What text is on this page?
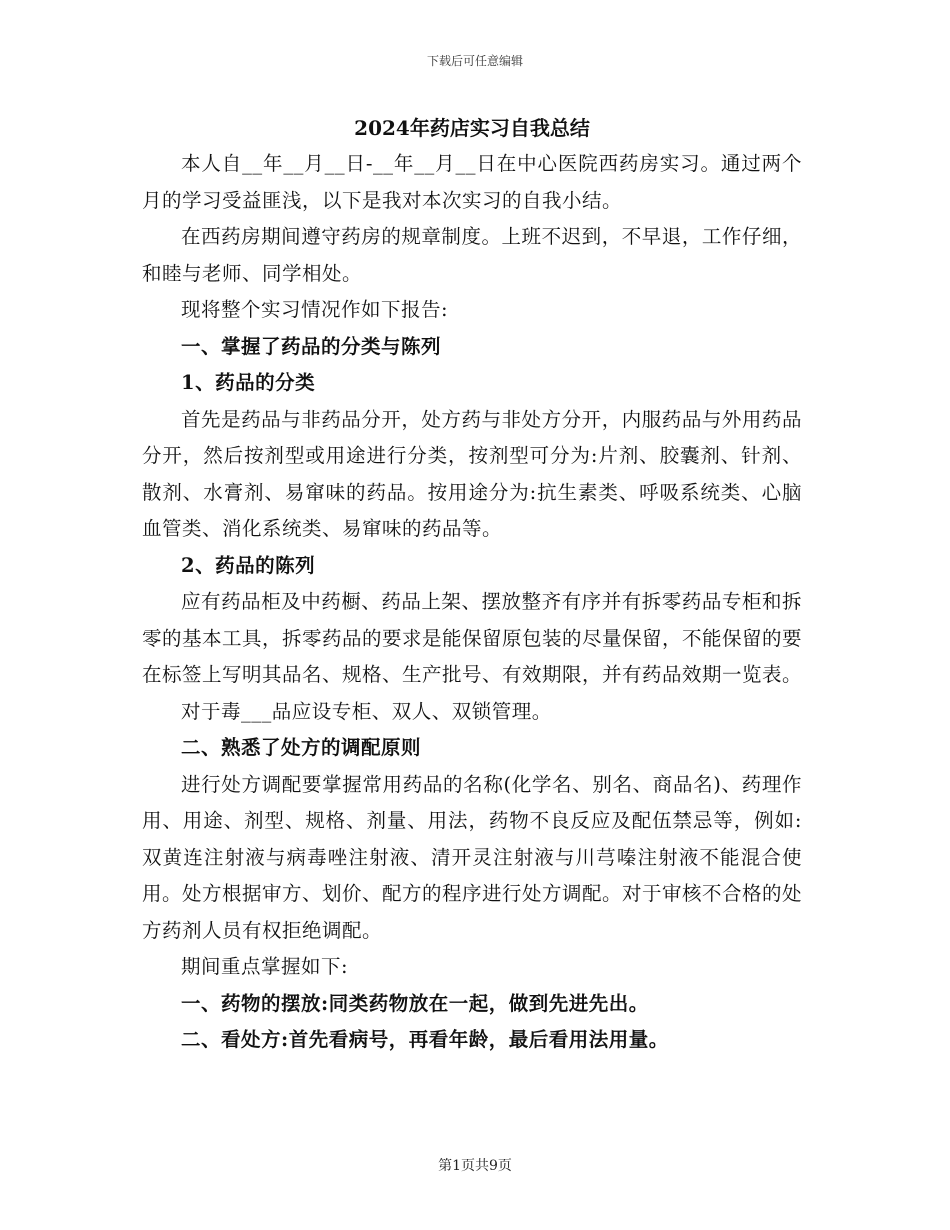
下载后可任意编辑
2024年药店实习自我总结
本人自__年__月__日-__年__月__日在中心医院西药房实习。通过两个月的学习受益匪浅，以下是我对本次实习的自我小结。
在西药房期间遵守药房的规章制度。上班不迟到，不早退，工作仔细，和睦与老师、同学相处。
现将整个实习情况作如下报告:
一、掌握了药品的分类与陈列
1、药品的分类
首先是药品与非药品分开，处方药与非处方分开，内服药品与外用药品分开，然后按剂型或用途进行分类，按剂型可分为:片剂、胶囊剂、针剂、散剂、水膏剂、易窜味的药品。按用途分为:抗生素类、呼吸系统类、心脑血管类、消化系统类、易窜味的药品等。
2、药品的陈列
应有药品柜及中药橱、药品上架、摆放整齐有序并有拆零药品专柜和拆零的基本工具，拆零药品的要求是能保留原包装的尽量保留，不能保留的要在标签上写明其品名、规格、生产批号、有效期限，并有药品效期一览表。
对于毒___品应设专柜、双人、双锁管理。
二、熟悉了处方的调配原则
进行处方调配要掌握常用药品的名称(化学名、别名、商品名)、药理作用、用途、剂型、规格、剂量、用法，药物不良反应及配伍禁忌等，例如:双黄连注射液与病毒唑注射液、清开灵注射液与川芎嗪注射液不能混合使用。处方根据审方、划价、配方的程序进行处方调配。对于审核不合格的处方药剂人员有权拒绝调配。
期间重点掌握如下:
一、药物的摆放:同类药物放在一起，做到先进先出。
二、看处方:首先看病号，再看年龄，最后看用法用量。
第1页共9页
